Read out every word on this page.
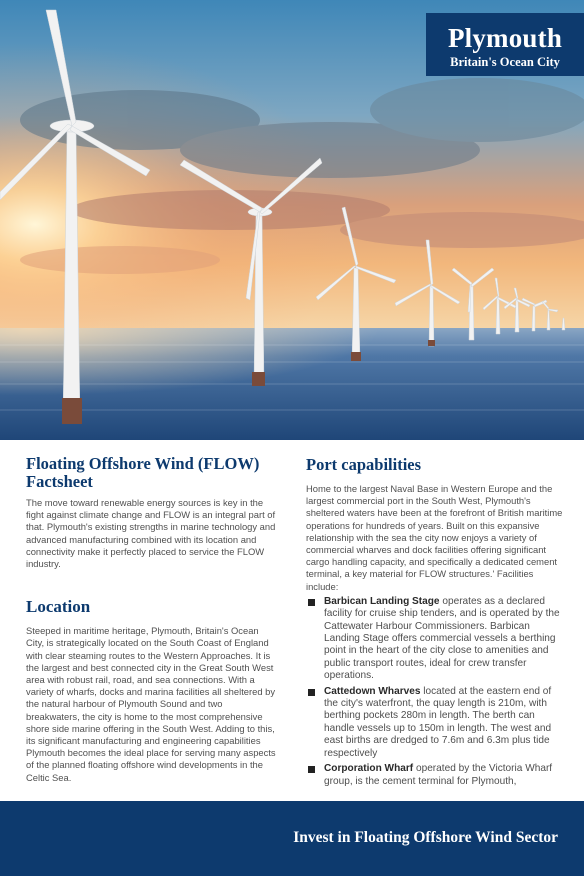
Plymouth
Britain's Ocean City
Floating Offshore Wind (FLOW) Factsheet

The move toward renewable energy sources is key in the fight against climate change and FLOW is an integral part of that. Plymouth's existing strengths in marine technology and advanced manufacturing combined with its location and connectivity make it perfectly placed to service the FLOW industry.

Location

Steeped in maritime heritage, Plymouth, Britain's Ocean City, is strategically located on the South Coast of England with clear steaming routes to the Western Approaches. It is the largest and best connected city in the Great South West area with robust rail, road, and sea connections. With a variety of wharfs, docks and marina facilities all sheltered by the natural harbour of Plymouth Sound and two breakwaters, the city is home to the most comprehensive shore side marine offering in the South West. Adding to this, its significant manufacturing and engineering capabilities Plymouth becomes the ideal place for serving many aspects of the planned floating offshore wind developments in the Celtic Sea.

Port capabilities

Home to the largest Naval Base in Western Europe and the largest commercial port in the South West, Plymouth's sheltered waters have been at the forefront of British maritime operations for hundreds of years. Built on this expansive relationship with the sea the city now enjoys a variety of commercial wharves and dock facilities offering significant cargo handling capacity, and specifically a dedicated cement terminal, a key material for FLOW structures.' Facilities include:

Barbican Landing Stage operates as a declared facility for cruise ship tenders, and is operated by the Cattewater Harbour Commissioners. Barbican Landing Stage offers commercial vessels a berthing point in the heart of the city close to amenities and public transport routes, ideal for crew transfer operations.
Cattedown Wharves located at the eastern end of the city's waterfront, the quay length is 210m, with berthing pockets 280m in length. The berth can handle vessels up to 150m in length. The west and east births are dredged to 7.6m and 6.3m plus tide respectively
Corporation Wharf operated by the Victoria Wharf group, is the cement terminal for Plymouth,
Invest in Floating Offshore Wind Sector
